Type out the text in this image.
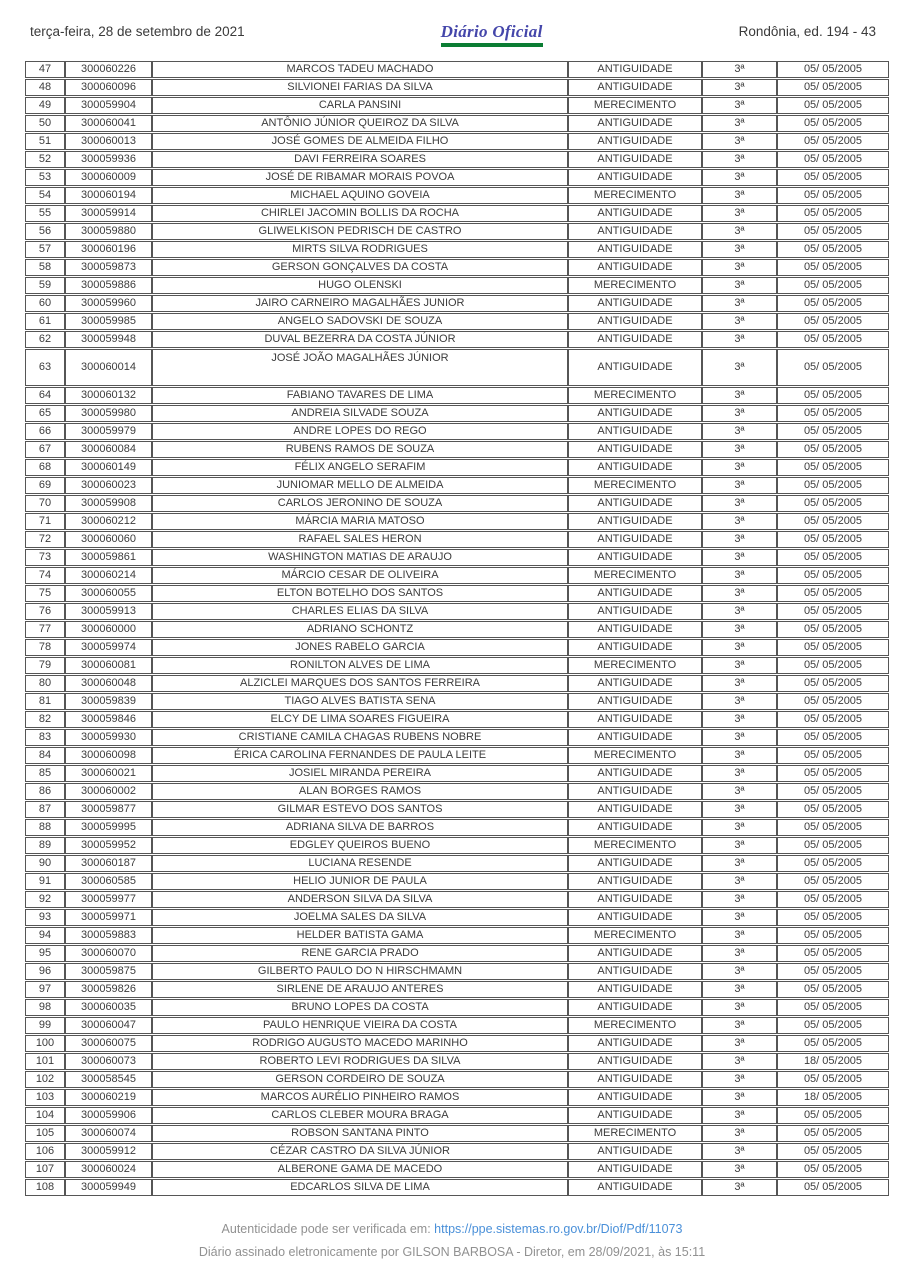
terça-feira, 28 de setembro de 2021	Diário Oficial	Rondônia, ed. 194 - 43
47	300060226	MARCOS TADEU MACHADO	ANTIGUIDADE	3ª	05/ 05/2005
48	300060096	SILVIONEI FARIAS DA SILVA	ANTIGUIDADE	3ª	05/ 05/2005
49	300059904	CARLA PANSINI	MERECIMENTO	3ª	05/ 05/2005
50	300060041	ANTÔNIO JÚNIOR QUEIROZ DA SILVA	ANTIGUIDADE	3ª	05/ 05/2005
51	300060013	JOSÉ GOMES DE ALMEIDA FILHO	ANTIGUIDADE	3ª	05/ 05/2005
52	300059936	DAVI FERREIRA SOARES	ANTIGUIDADE	3ª	05/ 05/2005
53	300060009	JOSÉ DE RIBAMAR MORAIS POVOA	ANTIGUIDADE	3ª	05/ 05/2005
54	300060194	MICHAEL AQUINO GOVEIA	MERECIMENTO	3ª	05/ 05/2005
55	300059914	CHIRLEI JACOMIN BOLLIS DA ROCHA	ANTIGUIDADE	3ª	05/ 05/2005
56	300059880	GLIWELKISON PEDRISCH DE CASTRO	ANTIGUIDADE	3ª	05/ 05/2005
57	300060196	MIRTS SILVA RODRIGUES	ANTIGUIDADE	3ª	05/ 05/2005
58	300059873	GERSON GONÇALVES DA COSTA	ANTIGUIDADE	3ª	05/ 05/2005
59	300059886	HUGO OLENSKI	MERECIMENTO	3ª	05/ 05/2005
60	300059960	JAIRO CARNEIRO MAGALHÃES JUNIOR	ANTIGUIDADE	3ª	05/ 05/2005
61	300059985	ANGELO SADOVSKI DE SOUZA	ANTIGUIDADE	3ª	05/ 05/2005
62	300059948	DUVAL BEZERRA DA COSTA JÚNIOR	ANTIGUIDADE	3ª	05/ 05/2005
63	300060014	JOSÉ JOÃO MAGALHÃES JÚNIOR	ANTIGUIDADE	3ª	05/ 05/2005
64	300060132	FABIANO TAVARES DE LIMA	MERECIMENTO	3ª	05/ 05/2005
65	300059980	ANDREIA SILVADE SOUZA	ANTIGUIDADE	3ª	05/ 05/2005
66	300059979	ANDRE LOPES DO REGO	ANTIGUIDADE	3ª	05/ 05/2005
67	300060084	RUBENS RAMOS DE SOUZA	ANTIGUIDADE	3ª	05/ 05/2005
68	300060149	FÉLIX ANGELO SERAFIM	ANTIGUIDADE	3ª	05/ 05/2005
69	300060023	JUNIOMAR MELLO DE ALMEIDA	MERECIMENTO	3ª	05/ 05/2005
70	300059908	CARLOS JERONINO DE SOUZA	ANTIGUIDADE	3ª	05/ 05/2005
71	300060212	MÁRCIA MARIA MATOSO	ANTIGUIDADE	3ª	05/ 05/2005
72	300060060	RAFAEL SALES HERON	ANTIGUIDADE	3ª	05/ 05/2005
73	300059861	WASHINGTON MATIAS DE ARAUJO	ANTIGUIDADE	3ª	05/ 05/2005
74	300060214	MÁRCIO CESAR DE OLIVEIRA	MERECIMENTO	3ª	05/ 05/2005
75	300060055	ELTON BOTELHO DOS SANTOS	ANTIGUIDADE	3ª	05/ 05/2005
76	300059913	CHARLES ELIAS DA SILVA	ANTIGUIDADE	3ª	05/ 05/2005
77	300060000	ADRIANO SCHONTZ	ANTIGUIDADE	3ª	05/ 05/2005
78	300059974	JONES RABELO GARCIA	ANTIGUIDADE	3ª	05/ 05/2005
79	300060081	RONILTON ALVES DE LIMA	MERECIMENTO	3ª	05/ 05/2005
80	300060048	ALZICLEI MARQUES DOS SANTOS FERREIRA	ANTIGUIDADE	3ª	05/ 05/2005
81	300059839	TIAGO ALVES BATISTA SENA	ANTIGUIDADE	3ª	05/ 05/2005
82	300059846	ELCY DE LIMA SOARES FIGUEIRA	ANTIGUIDADE	3ª	05/ 05/2005
83	300059930	CRISTIANE CAMILA CHAGAS RUBENS NOBRE	ANTIGUIDADE	3ª	05/ 05/2005
84	300060098	ÉRICA CAROLINA FERNANDES DE PAULA LEITE	MERECIMENTO	3ª	05/ 05/2005
85	300060021	JOSIEL MIRANDA PEREIRA	ANTIGUIDADE	3ª	05/ 05/2005
86	300060002	ALAN BORGES RAMOS	ANTIGUIDADE	3ª	05/ 05/2005
87	300059877	GILMAR ESTEVO DOS SANTOS	ANTIGUIDADE	3ª	05/ 05/2005
88	300059995	ADRIANA SILVA DE BARROS	ANTIGUIDADE	3ª	05/ 05/2005
89	300059952	EDGLEY QUEIROS BUENO	MERECIMENTO	3ª	05/ 05/2005
90	300060187	LUCIANA RESENDE	ANTIGUIDADE	3ª	05/ 05/2005
91	300060585	HELIO JUNIOR DE PAULA	ANTIGUIDADE	3ª	05/ 05/2005
92	300059977	ANDERSON SILVA DA SILVA	ANTIGUIDADE	3ª	05/ 05/2005
93	300059971	JOELMA SALES DA SILVA	ANTIGUIDADE	3ª	05/ 05/2005
94	300059883	HELDER BATISTA GAMA	MERECIMENTO	3ª	05/ 05/2005
95	300060070	RENE GARCIA PRADO	ANTIGUIDADE	3ª	05/ 05/2005
96	300059875	GILBERTO PAULO DO N HIRSCHMAMN	ANTIGUIDADE	3ª	05/ 05/2005
97	300059826	SIRLENE DE ARAUJO ANTERES	ANTIGUIDADE	3ª	05/ 05/2005
98	300060035	BRUNO LOPES DA COSTA	ANTIGUIDADE	3ª	05/ 05/2005
99	300060047	PAULO HENRIQUE VIEIRA DA COSTA	MERECIMENTO	3ª	05/ 05/2005
100	300060075	RODRIGO AUGUSTO MACEDO MARINHO	ANTIGUIDADE	3ª	05/ 05/2005
101	300060073	ROBERTO LEVI RODRIGUES DA SILVA	ANTIGUIDADE	3ª	18/ 05/2005
102	300058545	GERSON CORDEIRO DE SOUZA	ANTIGUIDADE	3ª	05/ 05/2005
103	300060219	MARCOS AURÉLIO PINHEIRO RAMOS	ANTIGUIDADE	3ª	18/ 05/2005
104	300059906	CARLOS CLEBER MOURA BRAGA	ANTIGUIDADE	3ª	05/ 05/2005
105	300060074	ROBSON SANTANA PINTO	MERECIMENTO	3ª	05/ 05/2005
106	300059912	CÉZAR CASTRO DA SILVA JÚNIOR	ANTIGUIDADE	3ª	05/ 05/2005
107	300060024	ALBERONE GAMA DE MACEDO	ANTIGUIDADE	3ª	05/ 05/2005
108	300059949	EDCARLOS SILVA DE LIMA	ANTIGUIDADE	3ª	05/ 05/2005
Autenticidade pode ser verificada em: https://ppe.sistemas.ro.gov.br/Diof/Pdf/11073
Diário assinado eletronicamente por GILSON BARBOSA - Diretor, em 28/09/2021, às 15:11
